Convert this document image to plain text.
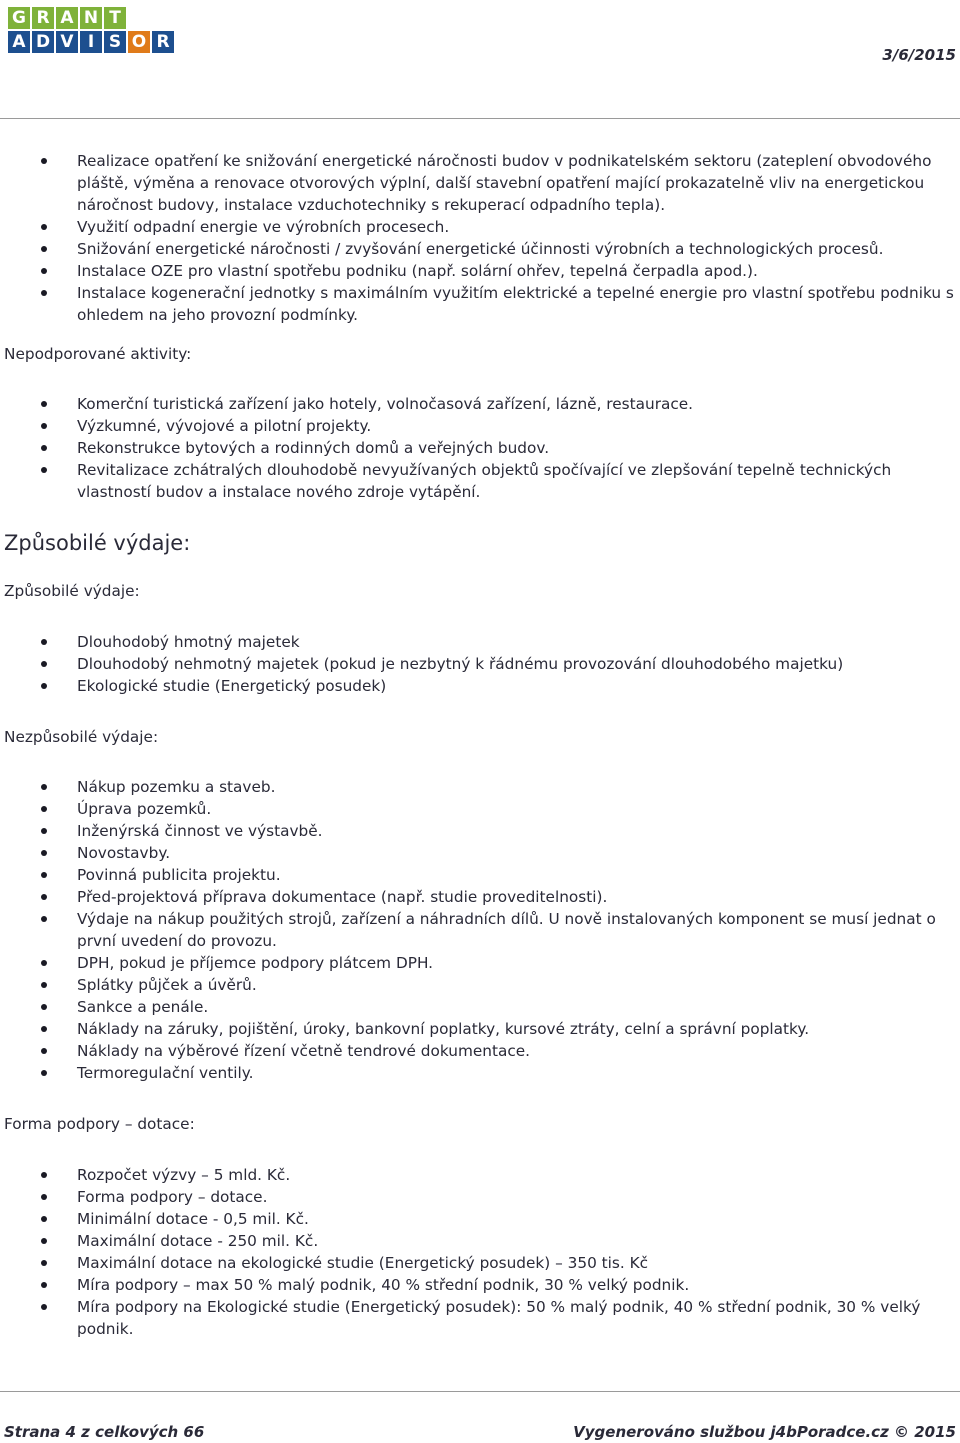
G R A N T
A D V I S O R
3/6/2015
Realizace opatření ke snižování energetické náročnosti budov v podnikatelském sektoru (zateplení obvodového pláště, výměna a renovace otvorových výplní, další stavební opatření mající prokazatelně vliv na energetickou náročnost budovy, instalace vzduchotechniky s rekuperací odpadního tepla).
Využití odpadní energie ve výrobních procesech.
Snižování energetické náročnosti / zvyšování energetické účinnosti výrobních a technologických procesů.
Instalace OZE pro vlastní spotřebu podniku (např. solární ohřev, tepelná čerpadla apod.).
Instalace kogenerační jednotky s maximálním využitím elektrické a tepelné energie pro vlastní spotřebu podniku s ohledem na jeho provozní podmínky.
Nepodporované aktivity:
Komerční turistická zařízení jako hotely, volnočasová zařízení, lázně, restaurace.
Výzkumné, vývojové a pilotní projekty.
Rekonstrukce bytových a rodinných domů a veřejných budov.
Revitalizace zchátralých dlouhodobě nevyužívaných objektů spočívající ve zlepšování tepelně technických vlastností budov a instalace nového zdroje vytápění.
Způsobilé výdaje:
Způsobilé výdaje:
Dlouhodobý hmotný majetek
Dlouhodobý nehmotný majetek (pokud je nezbytný k řádnému provozování dlouhodobého majetku)
Ekologické studie (Energetický posudek)
Nezpůsobilé výdaje:
Nákup pozemku a staveb.
Úprava pozemků.
Inženýrská činnost ve výstavbě.
Novostavby.
Povinná publicita projektu.
Před-projektová příprava dokumentace (např. studie proveditelnosti).
Výdaje na nákup použitých strojů, zařízení a náhradních dílů. U nově instalovaných komponent se musí jednat o první uvedení do provozu.
DPH, pokud je příjemce podpory plátcem DPH.
Splátky půjček a úvěrů.
Sankce a penále.
Náklady na záruky, pojištění, úroky, bankovní poplatky, kursové ztráty, celní a správní poplatky.
Náklady na výběrové řízení včetně tendrové dokumentace.
Termoregulační ventily.
Forma podpory – dotace:
Rozpočet výzvy – 5 mld. Kč.
Forma podpory – dotace.
Minimální dotace - 0,5 mil. Kč.
Maximální dotace - 250 mil. Kč.
Maximální dotace na ekologické studie (Energetický posudek) – 350 tis. Kč
Míra podpory – max 50 % malý podnik, 40 % střední podnik, 30 % velký podnik.
Míra podpory na Ekologické studie (Energetický posudek): 50 % malý podnik, 40 % střední podnik, 30 % velký podnik.
Strana 4 z celkových 66	Vygenerováno službou j4bPoradce.cz © 2015
